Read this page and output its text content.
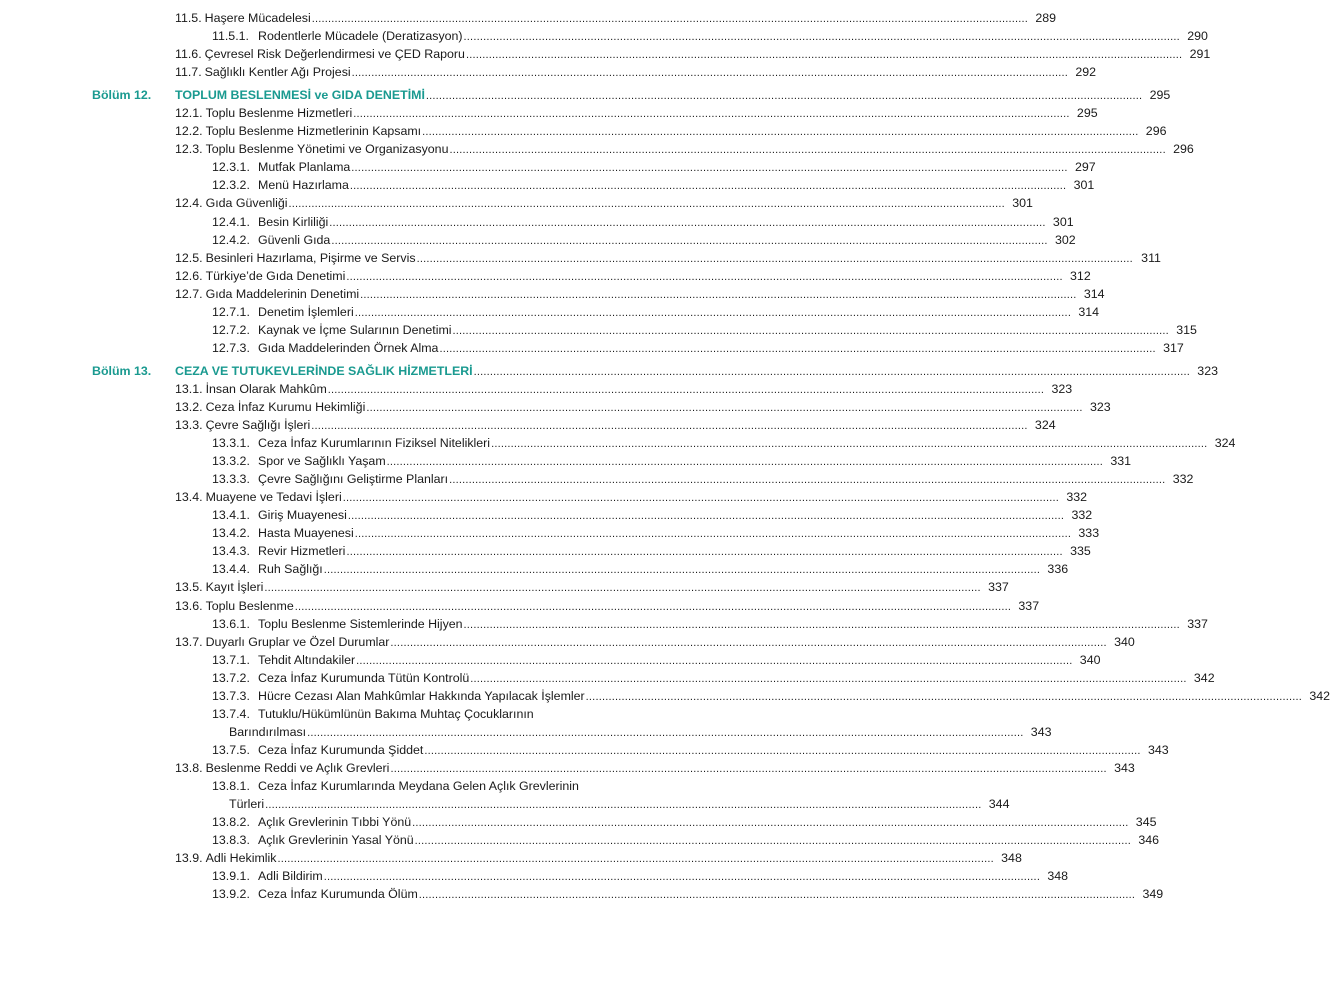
11.5. Haşere Mücadelesi ............................................................................................................................................................................................................................ 289
11.5.1. Rodentlerle Mücadele (Deratizasyon) ............................................................................................................................................................................................................................ 290
11.6. Çevresel Risk Değerlendirmesi ve ÇED Raporu ............................................................................................................................................................................................................................ 291
11.7. Sağlıklı Kentler Ağı Projesi ............................................................................................................................................................................................................................ 292
Bölüm 12. TOPLUM BESLENMESİ ve GIDA DENETİMİ ............................................................................................................................................................................................................................ 295
12.1. Toplu Beslenme Hizmetleri ............................................................................................................................................................................................................................ 295
12.2. Toplu Beslenme Hizmetlerinin Kapsamı ............................................................................................................................................................................................................................ 296
12.3. Toplu Beslenme Yönetimi ve Organizasyonu ............................................................................................................................................................................................................................ 296
12.3.1. Mutfak Planlama ............................................................................................................................................................................................................................ 297
12.3.2. Menü Hazırlama ............................................................................................................................................................................................................................ 301
12.4. Gıda Güvenliği ............................................................................................................................................................................................................................ 301
12.4.1. Besin Kirliliği ............................................................................................................................................................................................................................ 301
12.4.2. Güvenli Gıda ............................................................................................................................................................................................................................ 302
12.5. Besinleri Hazırlama, Pişirme ve Servis ............................................................................................................................................................................................................................ 311
12.6. Türkiye’de Gıda Denetimi ............................................................................................................................................................................................................................ 312
12.7. Gıda Maddelerinin Denetimi ............................................................................................................................................................................................................................ 314
12.7.1. Denetim İşlemleri ............................................................................................................................................................................................................................ 314
12.7.2. Kaynak ve İçme Sularının Denetimi ............................................................................................................................................................................................................................ 315
12.7.3. Gıda Maddelerinden Örnek Alma ............................................................................................................................................................................................................................ 317
Bölüm 13. CEZA VE TUTUKEVLERİNDE SAĞLIK HİZMETLERİ ............................................................................................................................................................................................................................ 323
13.1. İnsan Olarak Mahkûm ............................................................................................................................................................................................................................ 323
13.2. Ceza İnfaz Kurumu Hekimliği ............................................................................................................................................................................................................................ 323
13.3. Çevre Sağlığı İşleri ............................................................................................................................................................................................................................ 324
13.3.1. Ceza İnfaz Kurumlarının Fiziksel Nitelikleri ............................................................................................................................................................................................................................ 324
13.3.2. Spor ve Sağlıklı Yaşam ............................................................................................................................................................................................................................ 331
13.3.3. Çevre Sağlığını Geliştirme Planları ............................................................................................................................................................................................................................ 332
13.4. Muayene ve Tedavi İşleri ............................................................................................................................................................................................................................ 332
13.4.1. Giriş Muayenesi ............................................................................................................................................................................................................................ 332
13.4.2. Hasta Muayenesi ............................................................................................................................................................................................................................ 333
13.4.3. Revir Hizmetleri ............................................................................................................................................................................................................................ 335
13.4.4. Ruh Sağlığı ............................................................................................................................................................................................................................ 336
13.5. Kayıt İşleri ............................................................................................................................................................................................................................ 337
13.6. Toplu Beslenme ............................................................................................................................................................................................................................ 337
13.6.1. Toplu Beslenme Sistemlerinde Hijyen ............................................................................................................................................................................................................................ 337
13.7. Duyarlı Gruplar ve Özel Durumlar ............................................................................................................................................................................................................................ 340
13.7.1. Tehdit Altındakiler ............................................................................................................................................................................................................................ 340
13.7.2. Ceza İnfaz Kurumunda Tütün Kontrolü ............................................................................................................................................................................................................................ 342
13.7.3. Hücre Cezası Alan Mahkûmlar Hakkında Yapılacak İşlemler ............................................................................................................................................................................................................................ 342
13.7.4. Tutuklu/Hükümlünün Bakıma Muhtaç Çocuklarının
Barındırılması ............................................................................................................................................................................................................................ 343
13.7.5. Ceza İnfaz Kurumunda Şiddet ............................................................................................................................................................................................................................ 343
13.8. Beslenme Reddi ve Açlık Grevleri ............................................................................................................................................................................................................................ 343
13.8.1. Ceza İnfaz Kurumlarında Meydana Gelen Açlık Grevlerinin
Türleri ............................................................................................................................................................................................................................ 344
13.8.2. Açlık Grevlerinin Tıbbi Yönü ............................................................................................................................................................................................................................ 345
13.8.3. Açlık Grevlerinin Yasal Yönü ............................................................................................................................................................................................................................ 346
13.9. Adli Hekimlik ............................................................................................................................................................................................................................ 348
13.9.1. Adli Bildirim ............................................................................................................................................................................................................................ 348
13.9.2. Ceza İnfaz Kurumunda Ölüm ............................................................................................................................................................................................................................ 349
